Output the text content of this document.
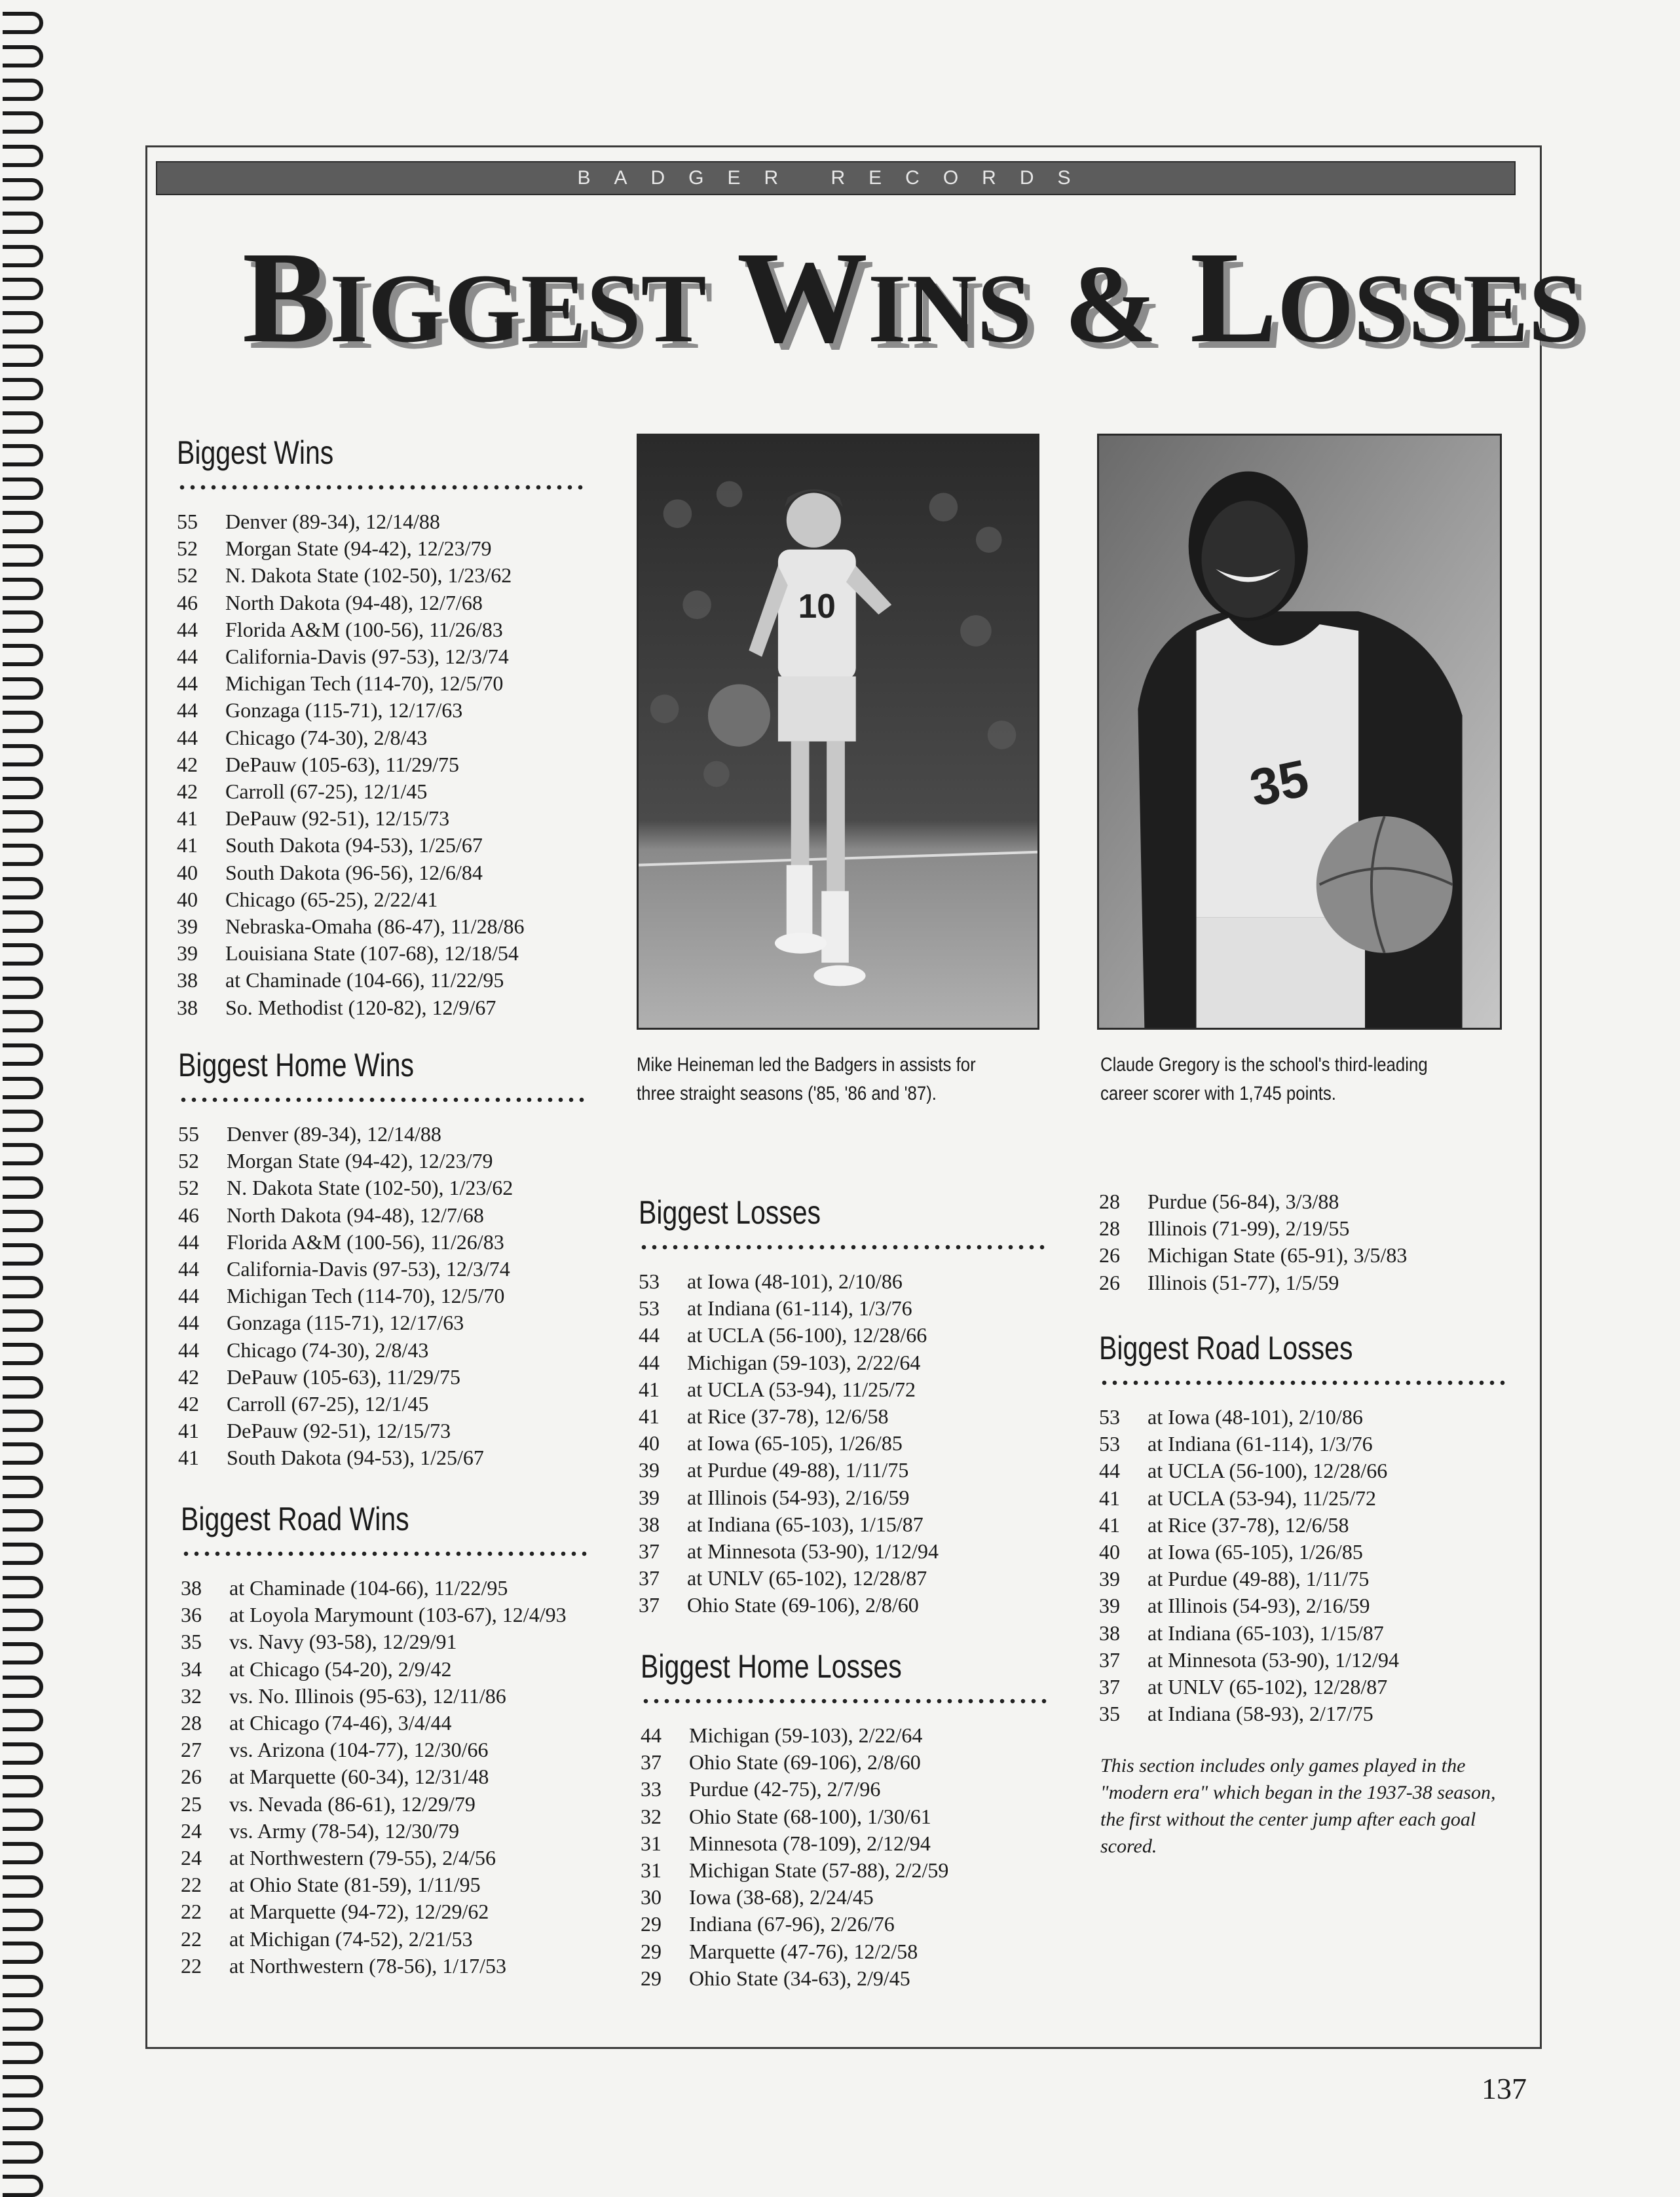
BADGER RECORDS
BIGGEST WINS & LOSSES
Biggest Wins
55	Denver (89-34), 12/14/88
52	Morgan State (94-42), 12/23/79
52	N. Dakota State (102-50), 1/23/62
46	North Dakota (94-48), 12/7/68
44	Florida A&M (100-56), 11/26/83
44	California-Davis (97-53), 12/3/74
44	Michigan Tech (114-70), 12/5/70
44	Gonzaga (115-71), 12/17/63
44	Chicago (74-30), 2/8/43
42	DePauw (105-63), 11/29/75
42	Carroll (67-25), 12/1/45
41	DePauw (92-51), 12/15/73
41	South Dakota (94-53), 1/25/67
40	South Dakota (96-56), 12/6/84
40	Chicago (65-25), 2/22/41
39	Nebraska-Omaha (86-47), 11/28/86
39	Louisiana State (107-68), 12/18/54
38	at Chaminade (104-66), 11/22/95
38	So. Methodist (120-82), 12/9/67
Biggest Home Wins
55	Denver (89-34), 12/14/88
52	Morgan State (94-42), 12/23/79
52	N. Dakota State (102-50), 1/23/62
46	North Dakota (94-48), 12/7/68
44	Florida A&M (100-56), 11/26/83
44	California-Davis (97-53), 12/3/74
44	Michigan Tech (114-70), 12/5/70
44	Gonzaga (115-71), 12/17/63
44	Chicago (74-30), 2/8/43
42	DePauw (105-63), 11/29/75
42	Carroll (67-25), 12/1/45
41	DePauw (92-51), 12/15/73
41	South Dakota (94-53), 1/25/67
Biggest Road Wins
38	at Chaminade (104-66), 11/22/95
36	at Loyola Marymount (103-67), 12/4/93
35	vs. Navy (93-58), 12/29/91
34	at Chicago (54-20), 2/9/42
32	vs. No. Illinois (95-63), 12/11/86
28	at Chicago (74-46), 3/4/44
27	vs. Arizona (104-77), 12/30/66
26	at Marquette (60-34), 12/31/48
25	vs. Nevada (86-61), 12/29/79
24	vs. Army (78-54), 12/30/79
24	at Northwestern (79-55), 2/4/56
22	at Ohio State (81-59), 1/11/95
22	at Marquette (94-72), 12/29/62
22	at Michigan (74-52), 2/21/53
22	at Northwestern (78-56), 1/17/53
10
Mike Heineman led the Badgers in assists for three straight seasons ('85, '86 and '87).
35
Claude Gregory is the school's third-leading career scorer with 1,745 points.
Biggest Losses
53	at Iowa (48-101), 2/10/86
53	at Indiana (61-114), 1/3/76
44	at UCLA (56-100), 12/28/66
44	Michigan (59-103), 2/22/64
41	at UCLA (53-94), 11/25/72
41	at Rice (37-78), 12/6/58
40	at Iowa (65-105), 1/26/85
39	at Purdue (49-88), 1/11/75
39	at Illinois (54-93), 2/16/59
38	at Indiana (65-103), 1/15/87
37	at Minnesota (53-90), 1/12/94
37	at UNLV (65-102), 12/28/87
37	Ohio State (69-106), 2/8/60
Biggest Home Losses
44	Michigan (59-103), 2/22/64
37	Ohio State (69-106), 2/8/60
33	Purdue (42-75), 2/7/96
32	Ohio State (68-100), 1/30/61
31	Minnesota (78-109), 2/12/94
31	Michigan State (57-88), 2/2/59
30	Iowa (38-68), 2/24/45
29	Indiana (67-96), 2/26/76
29	Marquette (47-76), 12/2/58
29	Ohio State (34-63), 2/9/45
28	Purdue (56-84), 3/3/88
28	Illinois (71-99), 2/19/55
26	Michigan State (65-91), 3/5/83
26	Illinois (51-77), 1/5/59
Biggest Road Losses
53	at Iowa (48-101), 2/10/86
53	at Indiana (61-114), 1/3/76
44	at UCLA (56-100), 12/28/66
41	at UCLA (53-94), 11/25/72
41	at Rice (37-78), 12/6/58
40	at Iowa (65-105), 1/26/85
39	at Purdue (49-88), 1/11/75
39	at Illinois (54-93), 2/16/59
38	at Indiana (65-103), 1/15/87
37	at Minnesota (53-90), 1/12/94
37	at UNLV (65-102), 12/28/87
35	at Indiana (58-93), 2/17/75
This section includes only games played in the "modern era" which began in the 1937-38 season, the first without the center jump after each goal scored.
137
